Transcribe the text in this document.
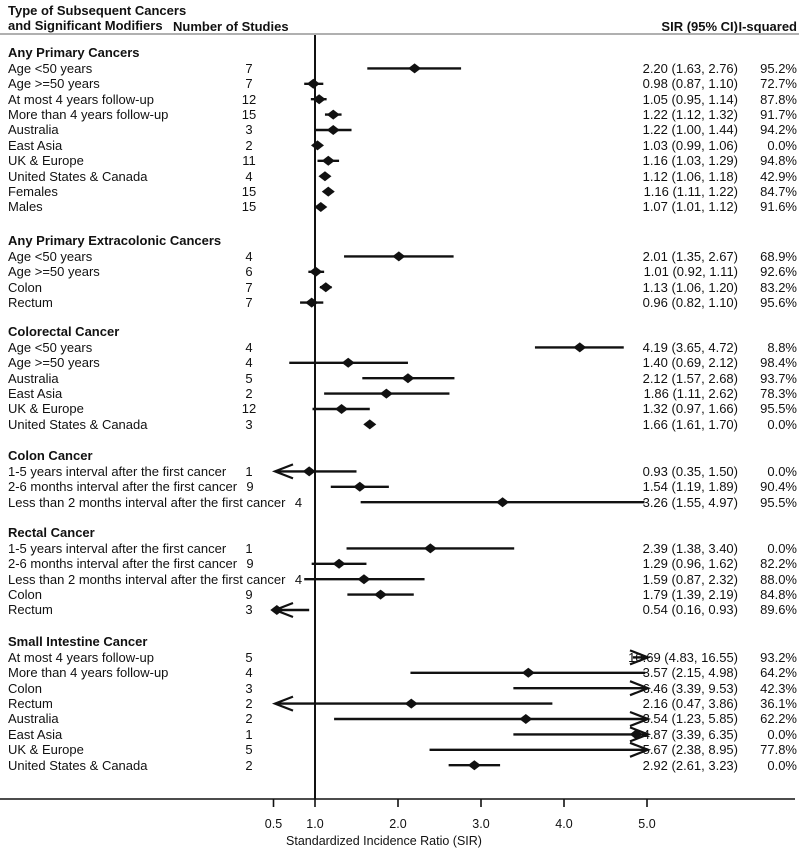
Type of Subsequent Cancers
and Significant Modifiers Number of Studies	SIR (95% CI) I-squared
Any Primary Cancers
Age <50 years	7	2.20 (1.63, 2.76) 95.2%
Age >=50 years	7	0.98 (0.87, 1.10) 72.7%
At most 4 years follow-up	12	1.05 (0.95, 1.14) 87.8%
More than 4 years follow-up	15	1.22 (1.12, 1.32) 91.7%
Australia	3	1.22 (1.00, 1.44) 94.2%
East Asia	2	1.03 (0.99, 1.06) 0.0%
UK & Europe	11	1.16 (1.03, 1.29) 94.8%
United States & Canada	4	1.12 (1.06, 1.18) 42.9%
Females	15	1.16 (1.11, 1.22) 84.7%
Males	15	1.07 (1.01, 1.12) 91.6%
Any Primary Extracolonic Cancers
Age <50 years	4	2.01 (1.35, 2.67) 68.9%
Age >=50 years	6	1.01 (0.92, 1.11) 92.6%
Colon	7	1.13 (1.06, 1.20) 83.2%
Rectum	7	0.96 (0.82, 1.10) 95.6%
Colorectal Cancer
Age <50 years	4	4.19 (3.65, 4.72) 8.8%
Age >=50 years	4	1.40 (0.69, 2.12) 98.4%
Australia	5	2.12 (1.57, 2.68) 93.7%
East Asia	2	1.86 (1.11, 2.62) 78.3%
UK & Europe	12	1.32 (0.97, 1.66) 95.5%
United States & Canada	3	1.66 (1.61, 1.70) 0.0%
Colon Cancer
1-5 years interval after the first cancer	1	0.93 (0.35, 1.50) 0.0%
2-6 months interval after the first cancer 9	1.54 (1.19, 1.89) 90.4%
Less than 2 months interval after the first cancer 4	3.26 (1.55, 4.97) 95.5%
Rectal Cancer
1-5 years interval after the first cancer	1	2.39 (1.38, 3.40) 0.0%
2-6 months interval after the first cancer 9	1.29 (0.96, 1.62) 82.2%
Less than 2 months interval after the first cancer 4	1.59 (0.87, 2.32) 88.0%
Colon	9	1.79 (1.39, 2.19) 84.8%
Rectum	3	0.54 (0.16, 0.93) 89.6%
Small Intestine Cancer
At most 4 years follow-up	5	10.69 (4.83, 16.55) 93.2%
More than 4 years follow-up	4	3.57 (2.15, 4.98) 64.2%
Colon	3	6.46 (3.39, 9.53) 42.3%
Rectum	2	2.16 (0.47, 3.86) 36.1%
Australia	2	3.54 (1.23, 5.85) 62.2%
East Asia	1	4.87 (3.39, 6.35) 0.0%
UK & Europe	5	5.67 (2.38, 8.95) 77.8%
United States & Canada	2	2.92 (2.61, 3.23) 0.0%
0.5 1.0	2.0	3.0	4.0	5.0
Standardized Incidence Ratio (SIR)
